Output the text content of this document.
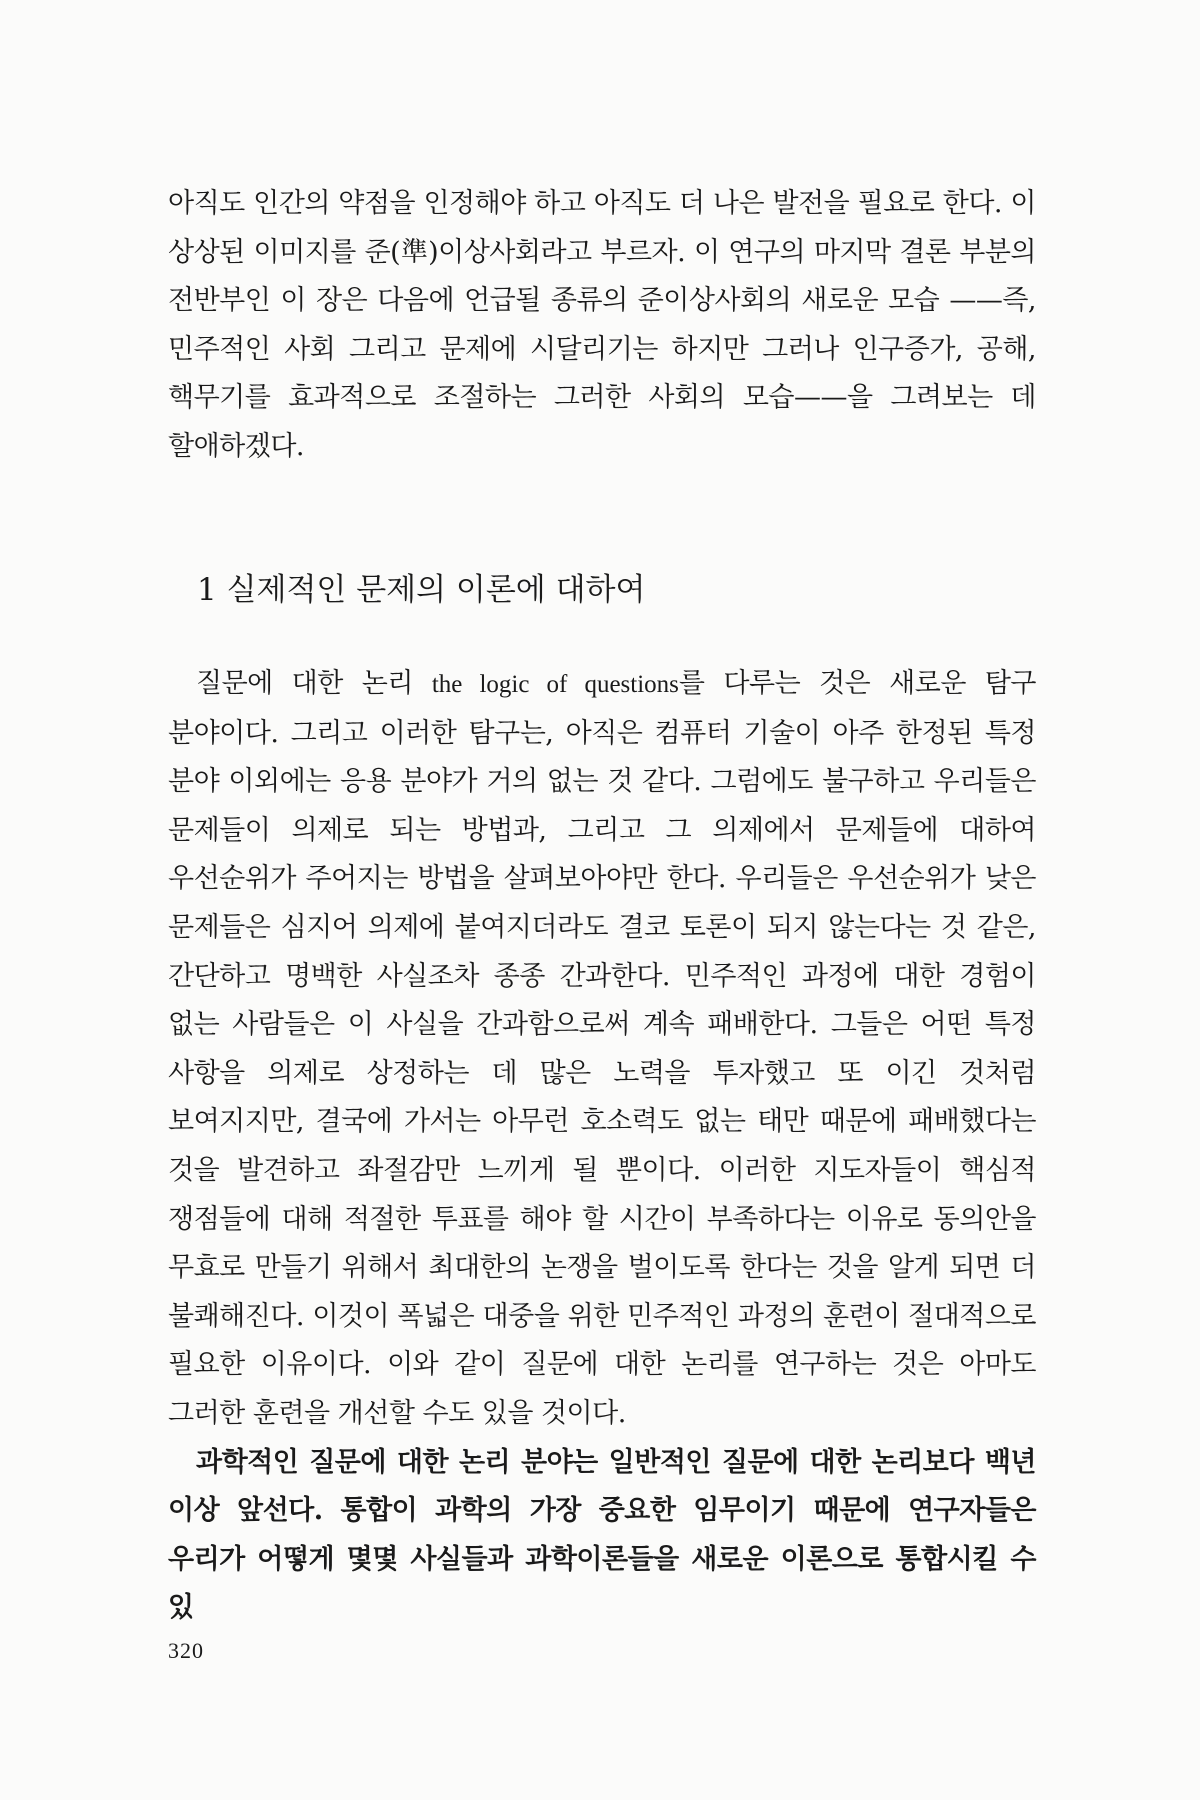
아직도 인간의 약점을 인정해야 하고 아직도 더 나은 발전을 필요로 한다. 이 상상된 이미지를 준(準)이상사회라고 부르자. 이 연구의 마지막 결론 부분의 전반부인 이 장은 다음에 언급될 종류의 준이상사회의 새로운 모습 ——즉, 민주적인 사회 그리고 문제에 시달리기는 하지만 그러나 인구증가, 공해, 핵무기를 효과적으로 조절하는 그러한 사회의 모습——을 그려보는 데 할애하겠다.

1 실제적인 문제의 이론에 대하여

질문에 대한 논리 the logic of questions를 다루는 것은 새로운 탐구 분야이다. 그리고 이러한 탐구는, 아직은 컴퓨터 기술이 아주 한정된 특정 분야 이외에는 응용 분야가 거의 없는 것 같다. 그럼에도 불구하고 우리들은 문제들이 의제로 되는 방법과, 그리고 그 의제에서 문제들에 대하여 우선순위가 주어지는 방법을 살펴보아야만 한다. 우리들은 우선순위가 낮은 문제들은 심지어 의제에 붙여지더라도 결코 토론이 되지 않는다는 것 같은, 간단하고 명백한 사실조차 종종 간과한다. 민주적인 과정에 대한 경험이 없는 사람들은 이 사실을 간과함으로써 계속 패배한다. 그들은 어떤 특정 사항을 의제로 상정하는 데 많은 노력을 투자했고 또 이긴 것처럼 보여지지만, 결국에 가서는 아무런 호소력도 없는 태만 때문에 패배했다는 것을 발견하고 좌절감만 느끼게 될 뿐이다. 이러한 지도자들이 핵심적 쟁점들에 대해 적절한 투표를 해야 할 시간이 부족하다는 이유로 동의안을 무효로 만들기 위해서 최대한의 논쟁을 벌이도록 한다는 것을 알게 되면 더 불쾌해진다. 이것이 폭넓은 대중을 위한 민주적인 과정의 훈련이 절대적으로 필요한 이유이다. 이와 같이 질문에 대한 논리를 연구하는 것은 아마도 그러한 훈련을 개선할 수도 있을 것이다.

과학적인 질문에 대한 논리 분야는 일반적인 질문에 대한 논리보다 백년 이상 앞선다. 통합이 과학의 가장 중요한 임무이기 때문에 연구자들은 우리가 어떻게 몇몇 사실들과 과학이론들을 새로운 이론으로 통합시킬 수 있

320
